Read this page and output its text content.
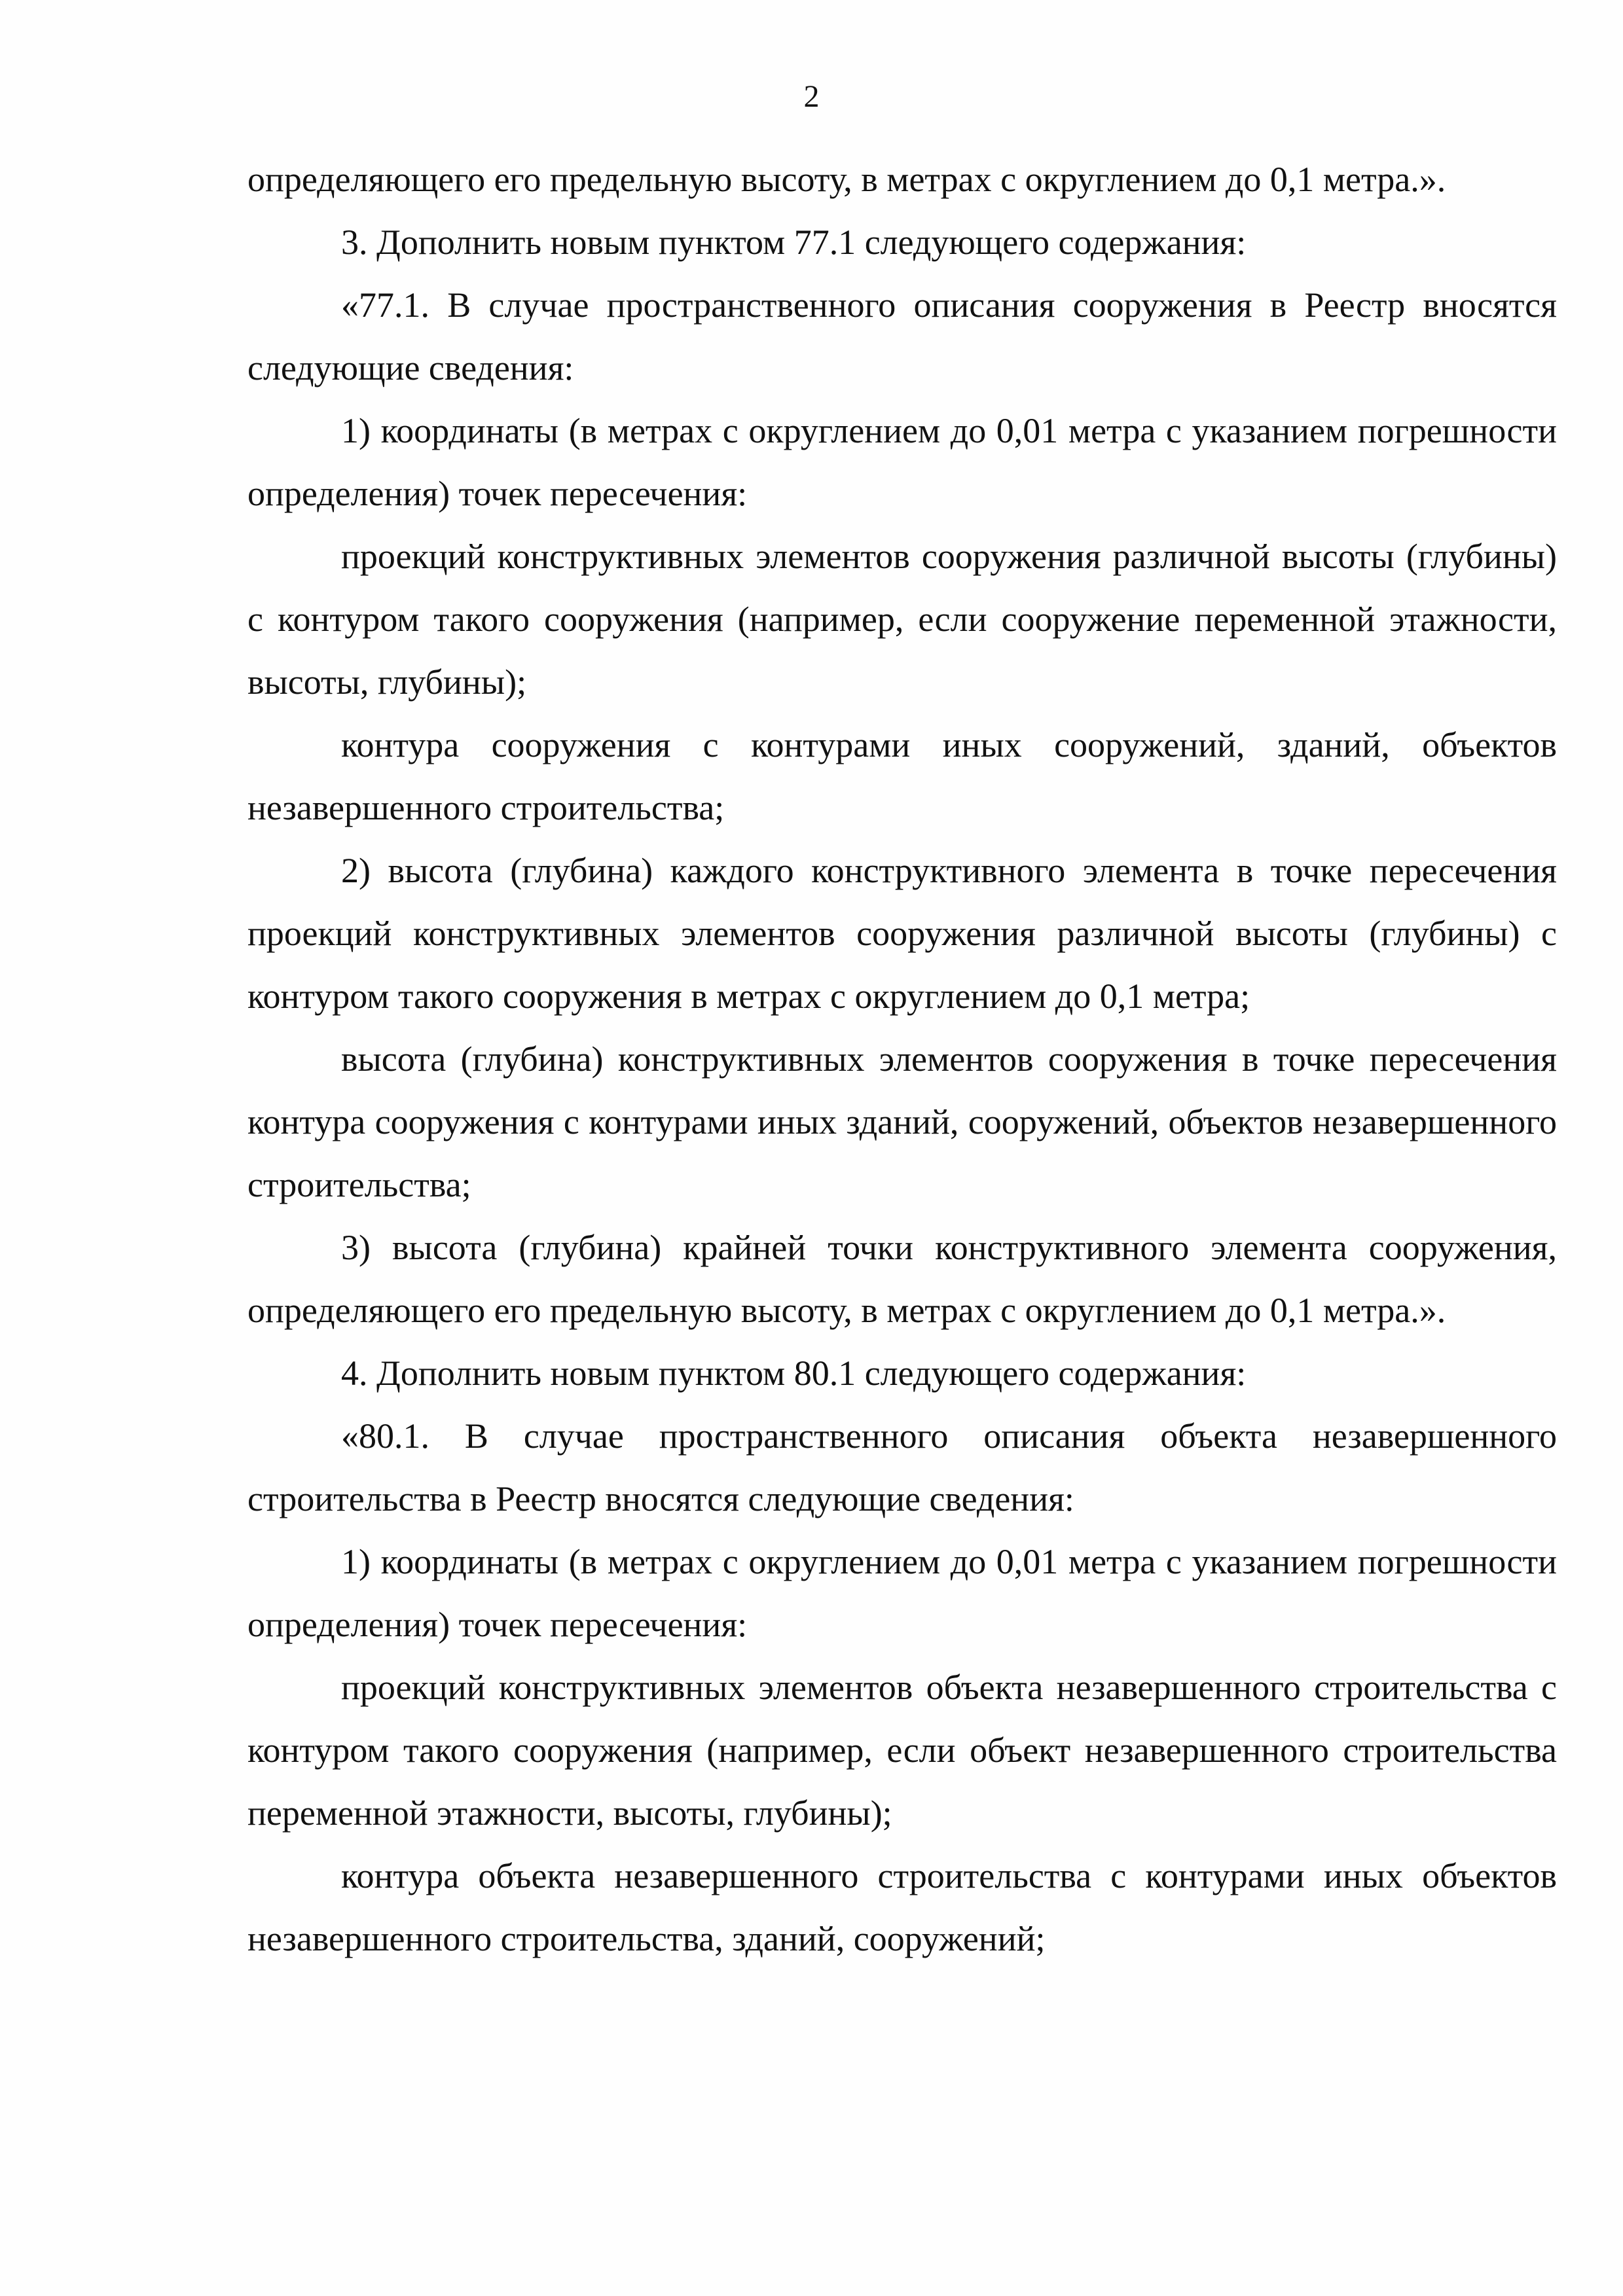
2

определяющего его предельную высоту, в метрах с округлением до 0,1 метра.».

3. Дополнить новым пунктом 77.1 следующего содержания:

«77.1. В случае пространственного описания сооружения в Реестр вносятся следующие сведения:

1) координаты (в метрах с округлением до 0,01 метра с указанием погрешности определения) точек пересечения:

проекций конструктивных элементов сооружения различной высоты (глубины) с контуром такого сооружения (например, если сооружение переменной этажности, высоты, глубины);

контура сооружения с контурами иных сооружений, зданий, объектов незавершенного строительства;

2) высота (глубина) каждого конструктивного элемента в точке пересечения проекций конструктивных элементов сооружения различной высоты (глубины) с контуром такого сооружения в метрах с округлением до 0,1 метра;

высота (глубина) конструктивных элементов сооружения в точке пересечения контура сооружения с контурами иных зданий, сооружений, объектов незавершенного строительства;

3) высота (глубина) крайней точки конструктивного элемента сооружения, определяющего его предельную высоту, в метрах с округлением до 0,1 метра.».

4. Дополнить новым пунктом 80.1 следующего содержания:

«80.1. В случае пространственного описания объекта незавершенного строительства в Реестр вносятся следующие сведения:

1) координаты (в метрах с округлением до 0,01 метра с указанием погрешности определения) точек пересечения:

проекций конструктивных элементов объекта незавершенного строительства с контуром такого сооружения (например, если объект незавершенного строительства переменной этажности, высоты, глубины);

контура объекта незавершенного строительства с контурами иных объектов незавершенного строительства, зданий, сооружений;
